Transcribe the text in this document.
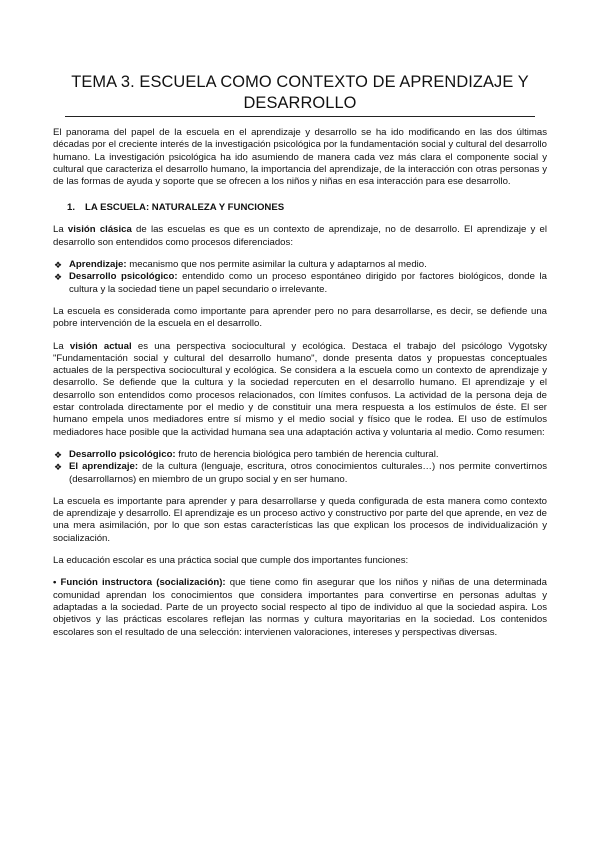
TEMA 3. ESCUELA COMO CONTEXTO DE APRENDIZAJE Y
DESARROLLO

El panorama del papel de la escuela en el aprendizaje y desarrollo se ha ido modificando en las dos últimas décadas por el creciente interés de la investigación psicológica por la fundamentación social y cultural del desarrollo humano. La investigación psicológica ha ido asumiendo de manera cada vez más clara el componente social y cultural que caracteriza el desarrollo humano, la importancia del aprendizaje, de la interacción con otras personas y de las formas de ayuda y soporte que se ofrecen a los niños y niñas en esa interacción para ese desarrollo.

1. LA ESCUELA: NATURALEZA Y FUNCIONES

La visión clásica de las escuelas es que es un contexto de aprendizaje, no de desarrollo. El aprendizaje y el desarrollo son entendidos como procesos diferenciados:

❖ Aprendizaje: mecanismo que nos permite asimilar la cultura y adaptarnos al medio.
❖ Desarrollo psicológico: entendido como un proceso espontáneo dirigido por factores biológicos, donde la cultura y la sociedad tiene un papel secundario o irrelevante.

La escuela es considerada como importante para aprender pero no para desarrollarse, es decir, se defiende una pobre intervención de la escuela en el desarrollo.

La visión actual es una perspectiva sociocultural y ecológica. Destaca el trabajo del psicólogo Vygotsky "Fundamentación social y cultural del desarrollo humano", donde presenta datos y propuestas conceptuales actuales de la perspectiva sociocultural y ecológica. Se considera a la escuela como un contexto de aprendizaje y desarrollo. Se defiende que la cultura y la sociedad repercuten en el desarrollo humano. El aprendizaje y el desarrollo son entendidos como procesos relacionados, con límites confusos. La actividad de la persona deja de estar controlada directamente por el medio y de constituir una mera respuesta a los estímulos de éste. El ser humano empela unos mediadores entre sí mismo y el medio social y físico que le rodea. El uso de estímulos mediadores hace posible que la actividad humana sea una adaptación activa y voluntaria al medio. Como resumen:

❖ Desarrollo psicológico: fruto de herencia biológica pero también de herencia cultural.
❖ El aprendizaje: de la cultura (lenguaje, escritura, otros conocimientos culturales…) nos permite convertirnos (desarrollarnos) en miembro de un grupo social y en ser humano.

La escuela es importante para aprender y para desarrollarse y queda configurada de esta manera como contexto de aprendizaje y desarrollo. El aprendizaje es un proceso activo y constructivo por parte del que aprende, en vez de una mera asimilación, por lo que son estas características las que explican los procesos de individualización y socialización.

La educación escolar es una práctica social que cumple dos importantes funciones:

• Función instructora (socialización): que tiene como fin asegurar que los niños y niñas de una determinada comunidad aprendan los conocimientos que considera importantes para convertirse en personas adultas y adaptadas a la sociedad. Parte de un proyecto social respecto al tipo de individuo al que la sociedad aspira. Los objetivos y las prácticas escolares reflejan las normas y cultura mayoritarias en la sociedad. Los contenidos escolares son el resultado de una selección: intervienen valoraciones, intereses y perspectivas diversas.
